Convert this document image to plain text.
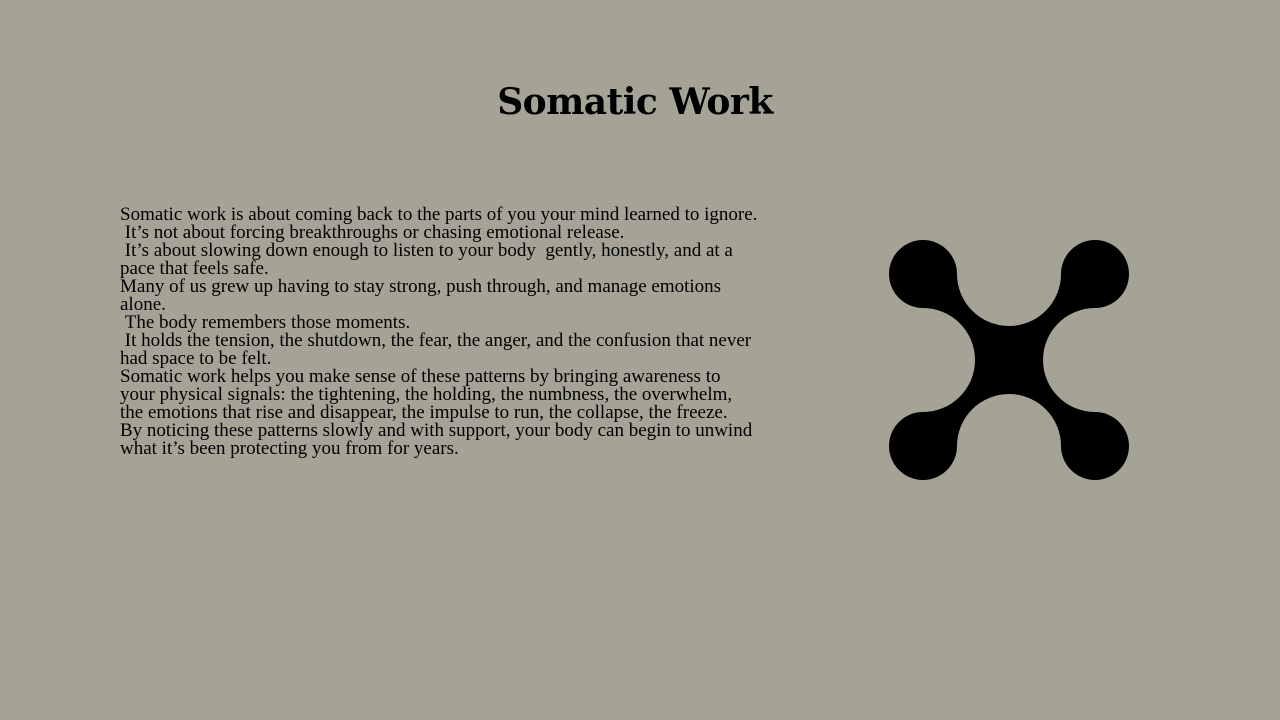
Somatic Work

Somatic work is about coming back to the parts of you your mind learned to ignore.

It’s not about forcing breakthroughs or chasing emotional release.

It’s about slowing down enough to listen to your body  gently, honestly, and at a pace that feels safe.

Many of us grew up having to stay strong, push through, and manage emotions alone.

The body remembers those moments.

It holds the tension, the shutdown, the fear, the anger, and the confusion that never had space to be felt.

Somatic work helps you make sense of these patterns by bringing awareness to your physical signals: the tightening, the holding, the numbness, the overwhelm, the emotions that rise and disappear, the impulse to run, the collapse, the freeze.

By noticing these patterns slowly and with support, your body can begin to unwind what it’s been protecting you from for years.
